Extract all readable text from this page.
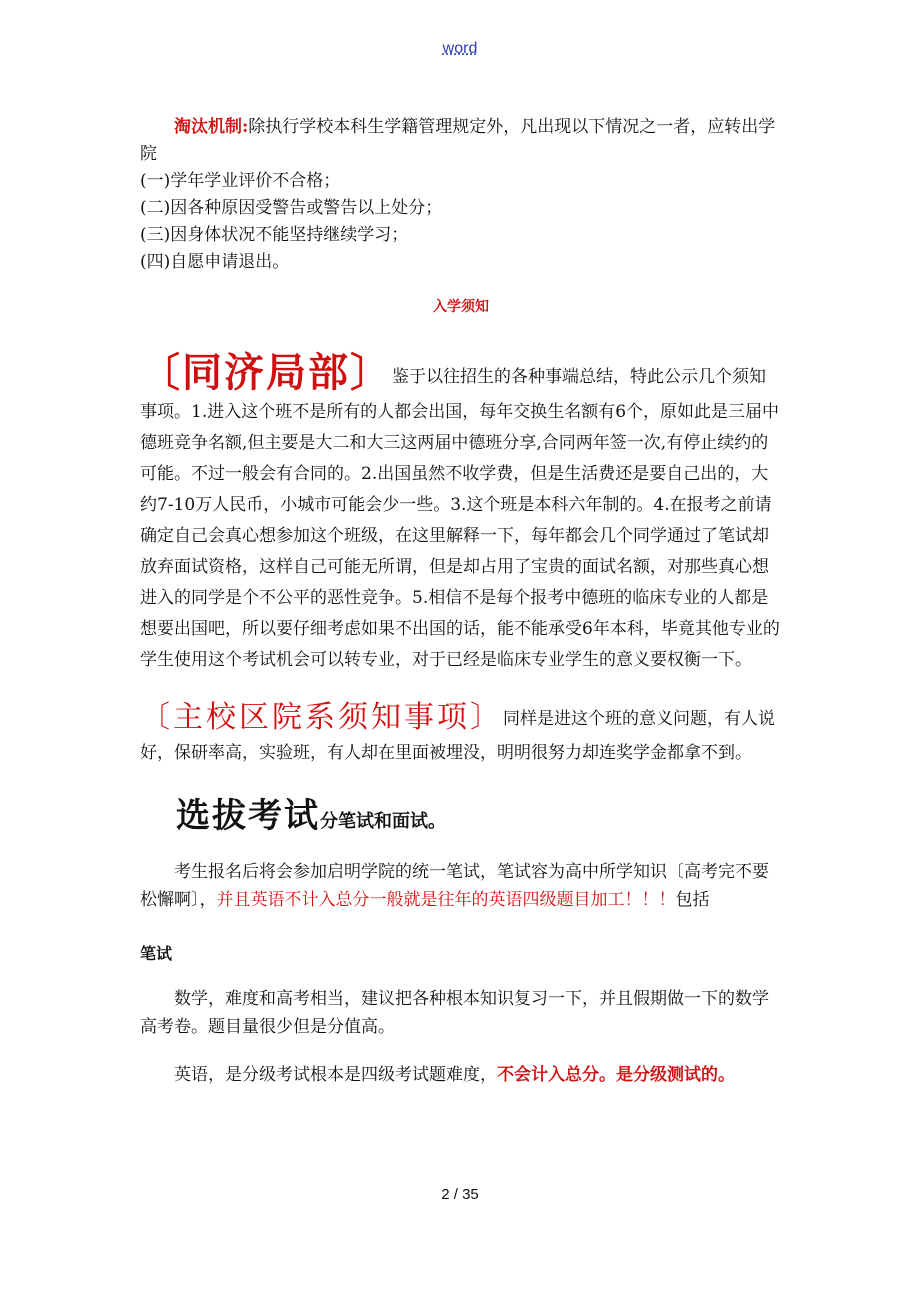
word

淘汰机制:除执行学校本科生学籍管理规定外，凡出现以下情况之一者，应转出学院

(一)学年学业评价不合格；

(二)因各种原因受警告或警告以上处分；

(三)因身体状况不能坚持继续学习；

(四)自愿申请退出。

入学须知

〔同济局部〕鉴于以往招生的各种事端总结，特此公示几个须知事项。1.进入这个班不是所有的人都会出国，每年交换生名额有6个，原如此是三届中德班竞争名额,但主要是大二和大三这两届中德班分享,合同两年签一次,有停止续约的可能。不过一般会有合同的。2.出国虽然不收学费，但是生活费还是要自己出的，大约7-10万人民币，小城市可能会少一些。3.这个班是本科六年制的。4.在报考之前请确定自己会真心想参加这个班级，在这里解释一下，每年都会几个同学通过了笔试却放弃面试资格，这样自己可能无所谓，但是却占用了宝贵的面试名额，对那些真心想进入的同学是个不公平的恶性竞争。5.相信不是每个报考中德班的临床专业的人都是想要出国吧，所以要仔细考虑如果不出国的话，能不能承受6年本科，毕竟其他专业的学生使用这个考试机会可以转专业，对于已经是临床专业学生的意义要权衡一下。

〔主校区院系须知事项〕同样是进这个班的意义问题，有人说好，保研率高，实验班，有人却在里面被埋没，明明很努力却连奖学金都拿不到。

选拔考试分笔试和面试。

考生报名后将会参加启明学院的统一笔试，笔试容为高中所学知识〔高考完不要松懈啊〕，并且英语不计入总分一般就是往年的英语四级题目加工！！！包括

笔试

数学，难度和高考相当，建议把各种根本知识复习一下，并且假期做一下的数学高考卷。题目量很少但是分值高。

英语，是分级考试根本是四级考试题难度，不会计入总分。是分级测试的。

2 / 35
